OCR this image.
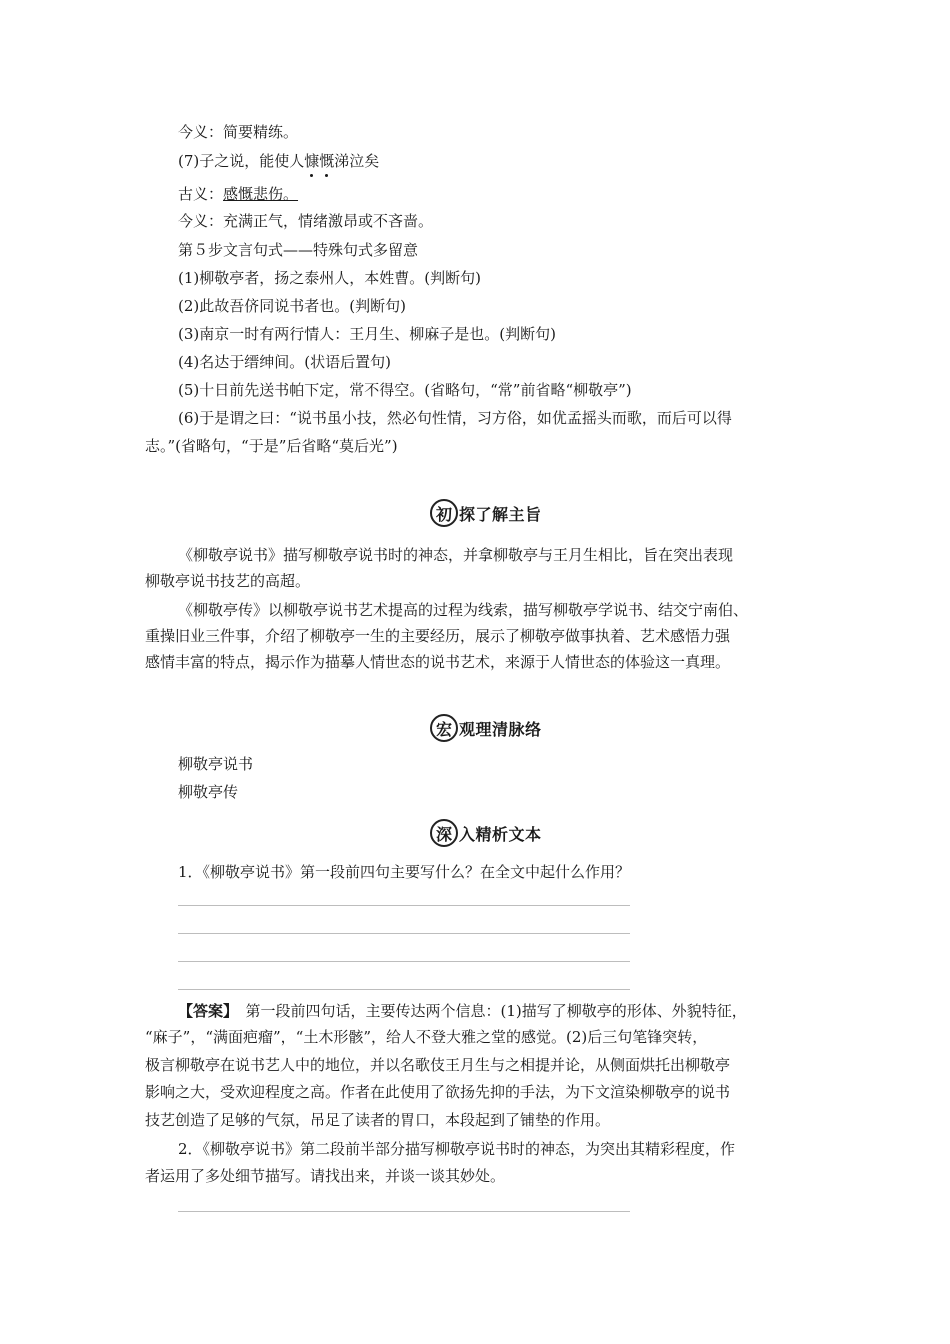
今义：简要精练。
(7)子之说，能使人慷慨涕泣矣
古义：感慨悲伤。
今义：充满正气，情绪激昂或不吝啬。
第５步文言句式——特殊句式多留意
(1)柳敬亭者，扬之泰州人，本姓曹。(判断句)
(2)此故吾侪同说书者也。(判断句)
(3)南京一时有两行情人：王月生、柳麻子是也。(判断句)
(4)名达于缙绅间。(状语后置句)
(5)十日前先送书帕下定，常不得空。(省略句，“常”前省略“柳敬亭”)
(6)于是谓之曰：“说书虽小技，然必句性情，习方俗，如优孟摇头而歌，而后可以得
志。”(省略句，“于是”后省略“莫后光”)
初 探了解主旨
《柳敬亭说书》描写柳敬亭说书时的神态，并拿柳敬亭与王月生相比，旨在突出表现
柳敬亭说书技艺的高超。
《柳敬亭传》以柳敬亭说书艺术提高的过程为线索，描写柳敬亭学说书、结交宁南伯、
重操旧业三件事，介绍了柳敬亭一生的主要经历，展示了柳敬亭做事执着、艺术感悟力强
感情丰富的特点，揭示作为描摹人情世态的说书艺术，来源于人情世态的体验这一真理。
宏 观理清脉络
柳敬亭说书
柳敬亭传
深 入精析文本
1．《柳敬亭说书》第一段前四句主要写什么？在全文中起什么作用？
【答案】　第一段前四句话，主要传达两个信息：(1)描写了柳敬亭的形体、外貌特征，
“麻子”，“满面疤瘤”，“土木形骸”，给人不登大雅之堂的感觉。(2)后三句笔锋突转，
极言柳敬亭在说书艺人中的地位，并以名歌伎王月生与之相提并论，从侧面烘托出柳敬亭
影响之大，受欢迎程度之高。作者在此使用了欲扬先抑的手法，为下文渲染柳敬亭的说书
技艺创造了足够的气氛，吊足了读者的胃口，本段起到了铺垫的作用。
2．《柳敬亭说书》第二段前半部分描写柳敬亭说书时的神态，为突出其精彩程度，作
者运用了多处细节描写。请找出来，并谈一谈其妙处。
